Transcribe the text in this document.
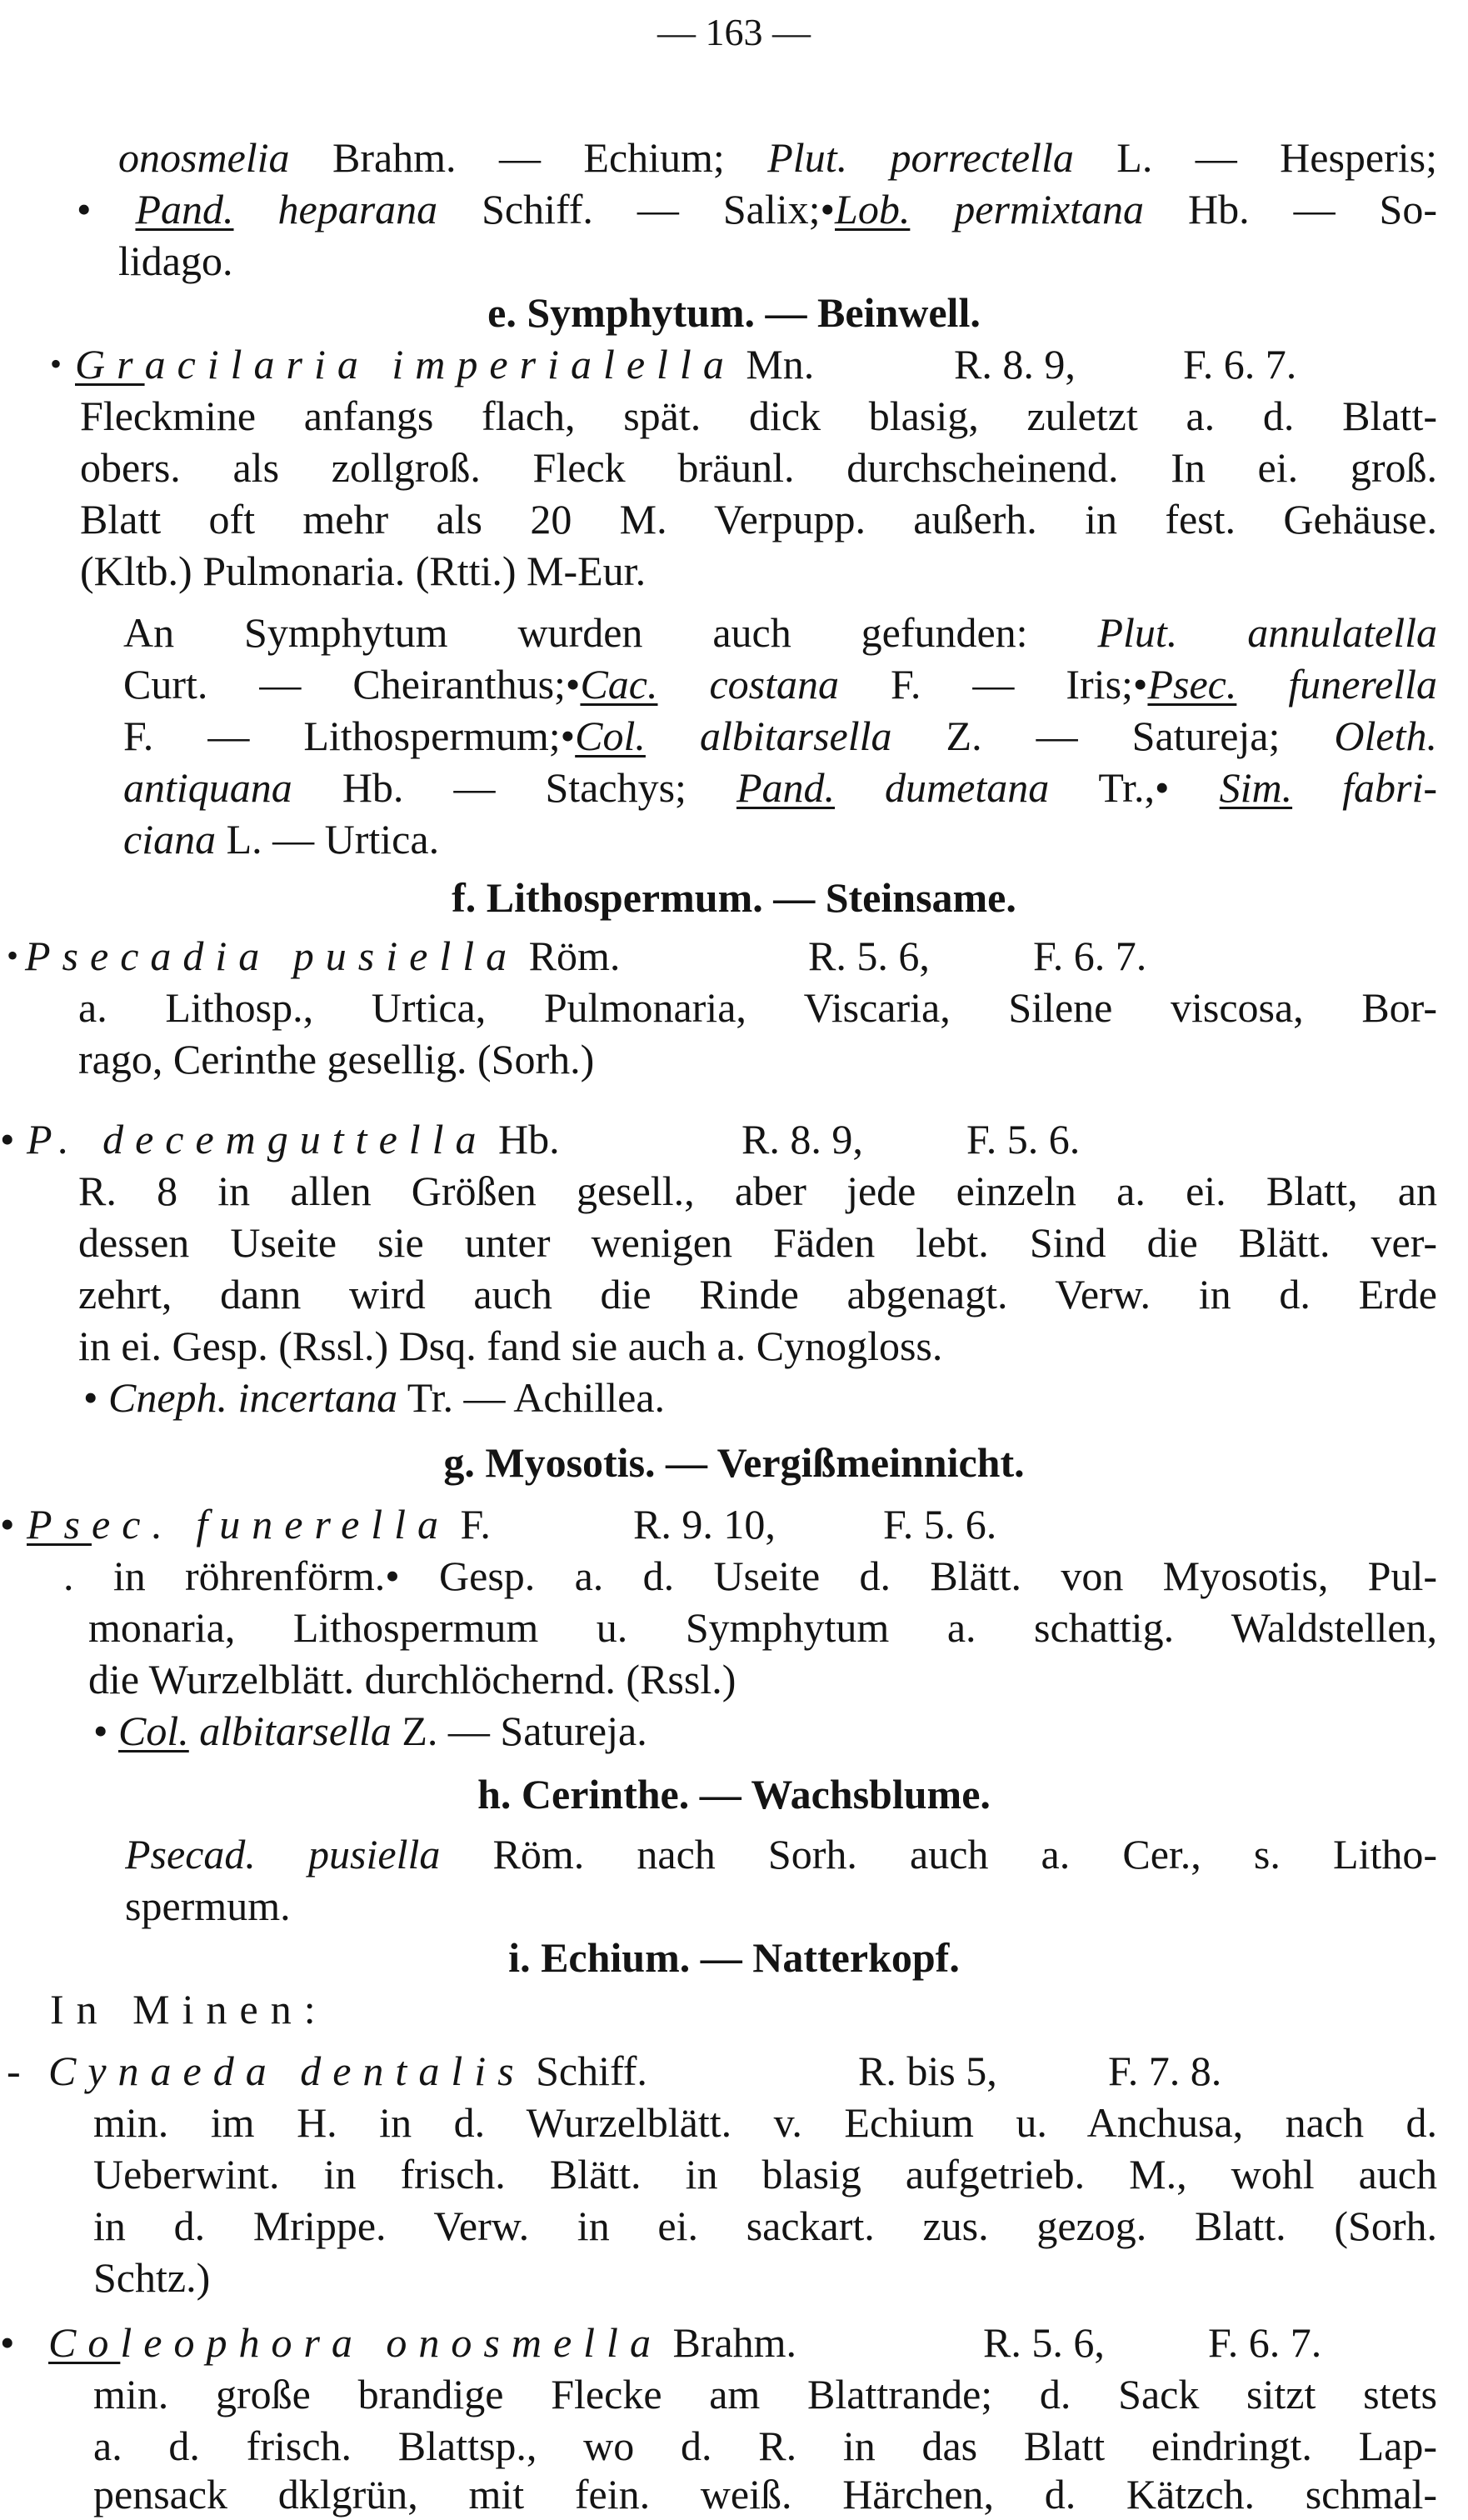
— 163 —
onosmelia Brahm. — Echium; Plut. porrectella L. — Hesperis;
• Pand. heparana Schiff. — Salix;•Lob. permixtana Hb. — So-
lidago.
e. Symphytum. — Beinwell.
• Gracilaria imperialella Mn.	R. 8. 9,	F. 6. 7.
Fleckmine anfangs flach, spät. dick blasig, zuletzt a. d. Blatt-
obers. als zollgroß. Fleck bräunl. durchscheinend. In ei. groß.
Blatt oft mehr als 20 M. Verpupp. außerh. in fest. Gehäuse.
(Kltb.) Pulmonaria. (Rtti.) M-Eur.
An Symphytum wurden auch gefunden: Plut. annulatella
Curt. — Cheiranthus;•Cac. costana F. — Iris;•Psec. funerella
F. — Lithospermum;•Col. albitarsella Z. — Satureja; Oleth.
antiquana Hb. — Stachys; Pand. dumetana Tr.,• Sim. fabri-
ciana L. — Urtica.
f. Lithospermum. — Steinsame.
• Psecadia pusiella Röm.	R. 5. 6, F. 6. 7.
a. Lithosp., Urtica, Pulmonaria, Viscaria, Silene viscosa, Bor-
rago, Cerinthe gesellig. (Sorh.)
• P. decemguttella Hb.	R. 8. 9, F. 5. 6.
R. 8 in allen Größen gesell., aber jede einzeln a. ei. Blatt, an
dessen Useite sie unter wenigen Fäden lebt. Sind die Blätt. ver-
zehrt, dann wird auch die Rinde abgenagt. Verw. in d. Erde
in ei. Gesp. (Rssl.) Dsq. fand sie auch a. Cynogloss.
• Cneph. incertana Tr. — Achillea.
g. Myosotis. — Vergißmeinnicht.
• Psec. funerella F.	R. 9. 10,	F. 5. 6.
. in röhrenförm.• Gesp. a. d. Useite d. Blätt. von Myosotis, Pul-
monaria, Lithospermum u. Symphytum a. schattig. Waldstellen,
die Wurzelblätt. durchlöchernd. (Rssl.)
• Col. albitarsella Z. — Satureja.
h. Cerinthe. — Wachsblume.
Psecad. pusiella Röm. nach Sorh. auch a. Cer., s. Litho-
spermum.
i. Echium. — Natterkopf.
In Minen:
- Cynaeda dentalis Schiff.	R. bis 5,	F. 7. 8.
min. im H. in d. Wurzelblätt. v. Echium u. Anchusa, nach d.
Ueberwint. in frisch. Blätt. in blasig aufgetrieb. M., wohl auch
in d. Mrippe. Verw. in ei. sackart. zus. gezog. Blatt. (Sorh.
Schtz.)
• Coleophora onosmella Brahm.	R. 5. 6, F. 6. 7.
min. große brandige Flecke am Blattrande; d. Sack sitzt stets
a. d. frisch. Blattsp., wo d. R. in das Blatt eindringt. Lap-
pensack dklgrün, mit fein. weiß. Härchen, d. Kätzch. schmal-
